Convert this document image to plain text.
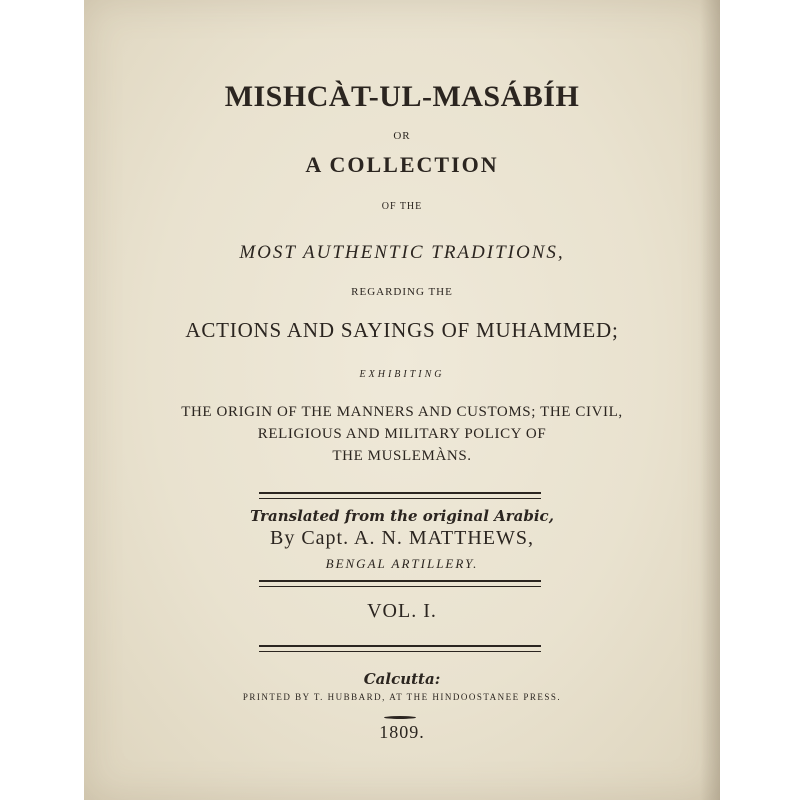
MISHCÀT-UL-MASÁBÍH
OR
A COLLECTION
OF THE
MOST AUTHENTIC TRADITIONS,
REGARDING THE
ACTIONS AND SAYINGS OF MUHAMMED;
EXHIBITING
THE ORIGIN OF THE MANNERS AND CUSTOMS; THE CIVIL,
RELIGIOUS AND MILITARY POLICY OF
THE MUSLEMÀNS.
Translated from the original Arabic,
By Capt. A. N. MATTHEWS,
BENGAL ARTILLERY.
VOL. I.
Calcutta:
PRINTED BY T. HUBBARD, AT THE HINDOOSTANEE PRESS.
1809.
